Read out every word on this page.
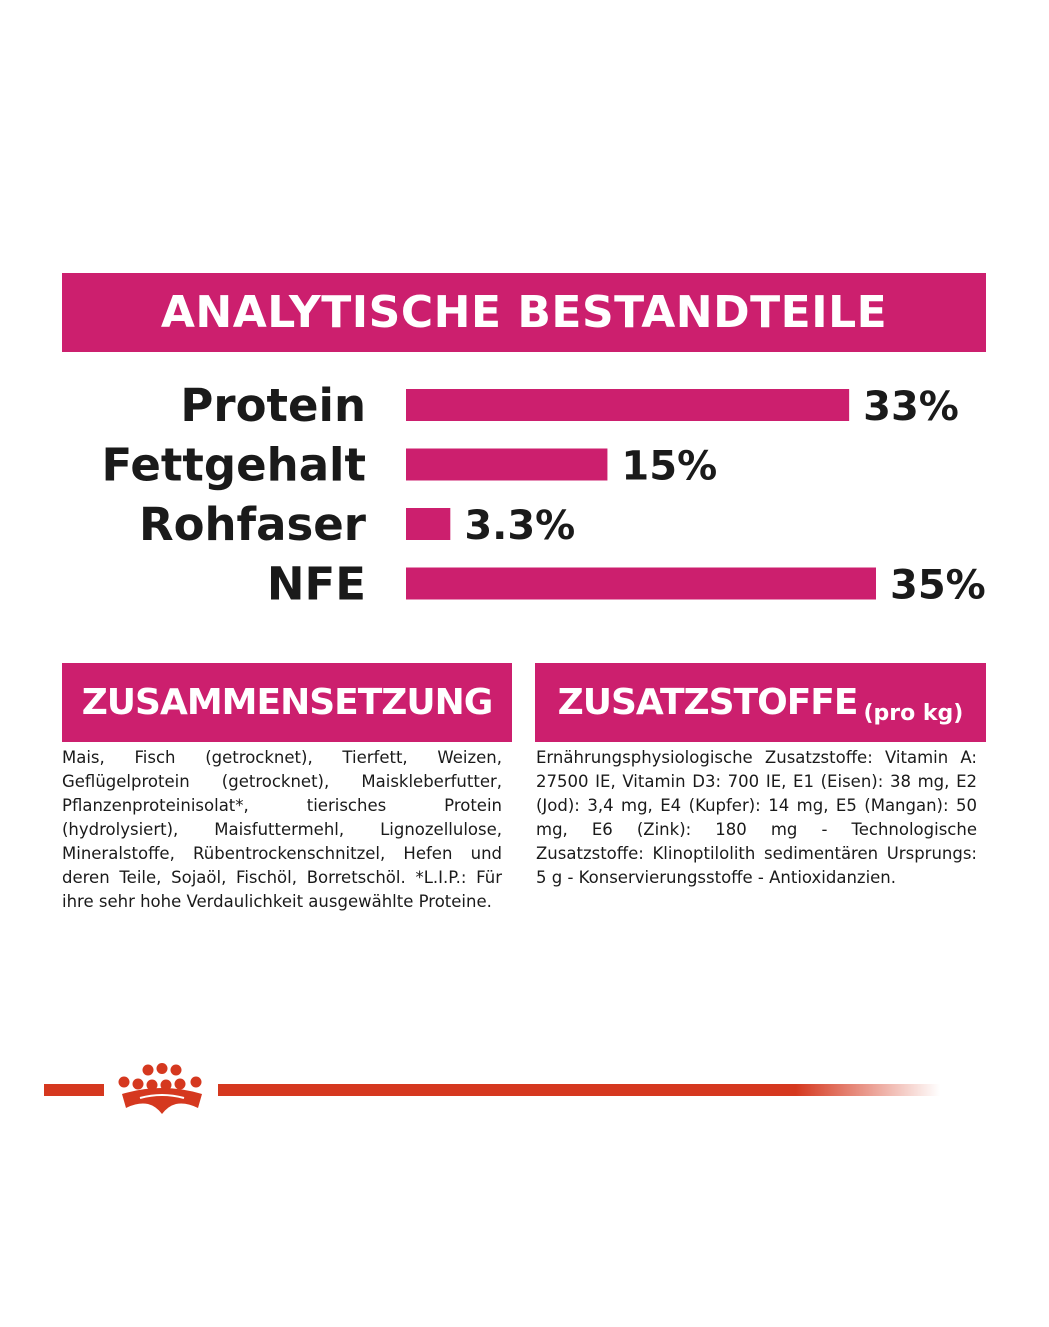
ANALYTISCHE BESTANDTEILE
Protein	33%
Fettgehalt	15%
Rohfaser 3.3%
NFE	35%
ZUSAMMENSETZUNG

Mais, Fisch (getrocknet), Tierfett, Weizen, Geflügelprotein (getrocknet), Maiskleberfutter, Pflanzenproteinisolat*, tierisches Protein (hydrolysiert), Maisfuttermehl, Lignozellulose, Mineralstoffe, Rübentrockenschnitzel, Hefen und deren Teile, Sojaöl, Fischöl, Borretschöl. *L.I.P.: Für ihre sehr hohe Verdaulichkeit ausgewählte Proteine.

ZUSATZSTOFFE (pro kg)

Ernährungsphysiologische Zusatzstoffe: Vitamin A: 27500 IE, Vitamin D3: 700 IE, E1 (Eisen): 38 mg, E2 (Jod): 3,4 mg, E4 (Kupfer): 14 mg, E5 (Mangan): 50 mg, E6 (Zink): 180 mg - Technologische Zusatzstoffe: Klinoptilolith sedimentären Ursprungs: 5 g - Konservierungsstoffe - Antioxidanzien.
